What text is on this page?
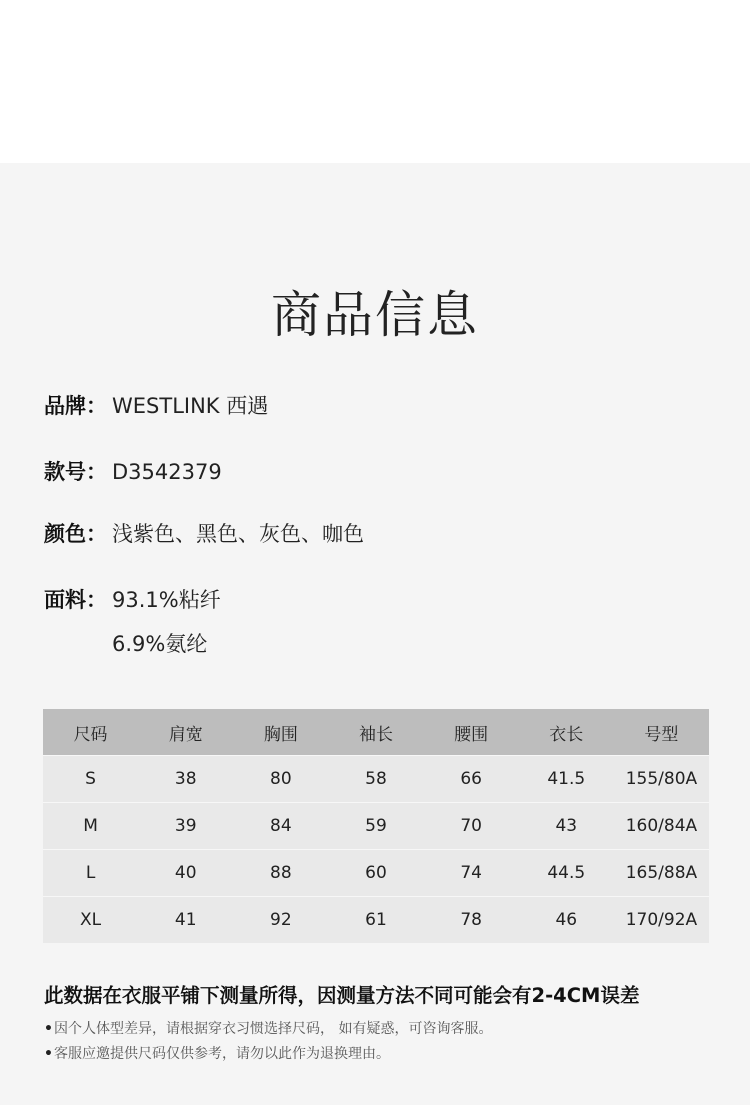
商品信息
品牌： WESTLINK 西遇
款号： D3542379
颜色： 浅紫色、黑色、灰色、咖色
面料： 93.1%粘纤
6.9%氨纶
尺码	肩宽	胸围	袖长	腰围	衣长	号型
S	38	80	58	66	41.5	155/80A
M	39	84	59	70	43	160/84A
L	40	88	60	74	44.5	165/88A
XL	41	92	61	78	46	170/92A
此数据在衣服平铺下测量所得，因测量方法不同可能会有2-4CM误差
•因个人体型差异，请根据穿衣习惯选择尺码， 如有疑惑，可咨询客服。
•客服应邀提供尺码仅供参考，请勿以此作为退换理由。
